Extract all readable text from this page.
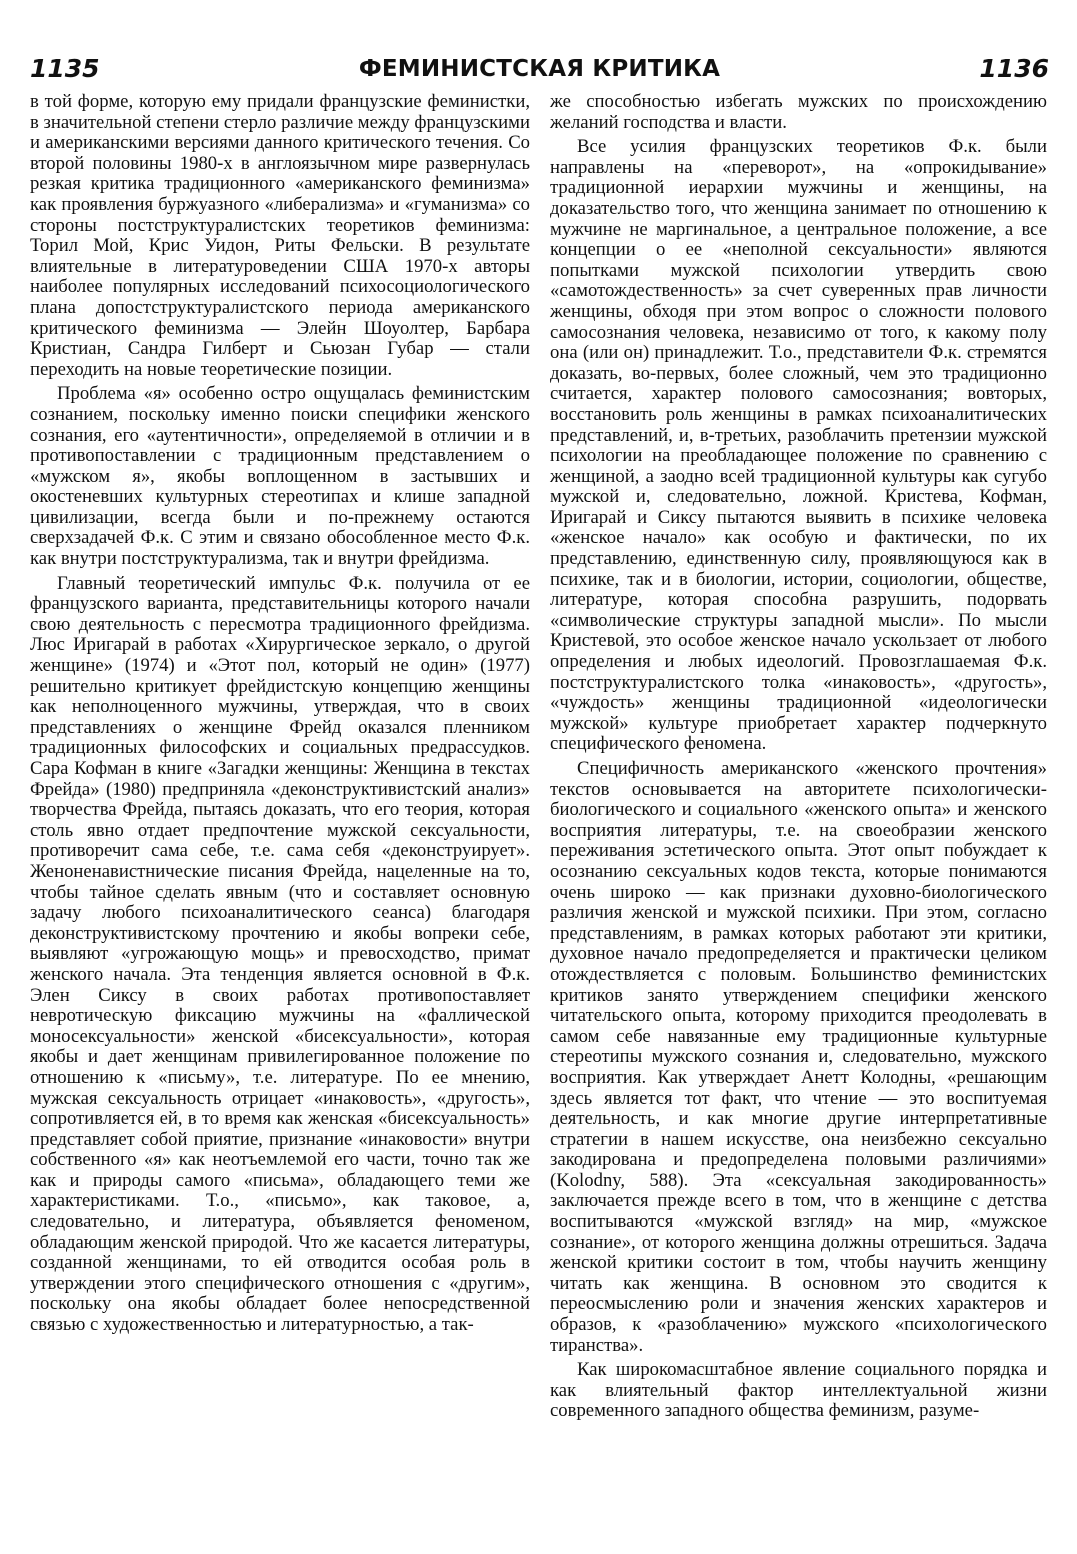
1135	ФЕМИНИСТСКАЯ КРИТИКА	1136

в той форме, которую ему придали французские феминистки, в значительной степени стерло различие между французскими и американскими версиями данного критического течения. Со второй половины 1980-х в англоязычном мире развернулась резкая критика традиционного «американского феминизма» как проявления буржуазного «либерализма» и «гуманизма» со стороны постструктуралистских теоретиков феминизма: Торил Мой, Крис Уидон, Риты Фельски. В результате влиятельные в литературоведении США 1970-х авторы наиболее популярных исследований психосоциологического плана допостструктуралистского периода американского критического феминизма — Элейн Шоуолтер, Барбара Кристиан, Сандра Гилберт и Сьюзан Губар — стали переходить на новые теоретические позиции.

Проблема «я» особенно остро ощущалась феминистским сознанием, поскольку именно поиски специфики женского сознания, его «аутентичности», определяемой в отличии и в противопоставлении с традиционным представлением о «мужском я», якобы воплощенном в застывших и окостеневших культурных стереотипах и клише западной цивилизации, всегда были и по-прежнему остаются сверхзадачей Ф.к. С этим и связано обособленное место Ф.к. как внутри постструктурализма, так и внутри фрейдизма.

Главный теоретический импульс Ф.к. получила от ее французского варианта, представительницы которого начали свою деятельность с пересмотра традиционного фрейдизма. Люс Иригарай в работах «Хирургическое зеркало, о другой женщине» (1974) и «Этот пол, который не один» (1977) решительно критикует фрейдистскую концепцию женщины как неполноценного мужчины, утверждая, что в своих представлениях о женщине Фрейд оказался пленником традиционных философских и социальных предрассудков. Сара Кофман в книге «Загадки женщины: Женщина в текстах Фрейда» (1980) предприняла «деконструктивистский анализ» творчества Фрейда, пытаясь доказать, что его теория, которая столь явно отдает предпочтение мужской сексуальности, противоречит сама себе, т.е. сама себя «деконструирует». Женоненавистнические писания Фрейда, нацеленные на то, чтобы тайное сделать явным (что и составляет основную задачу любого психоаналитического сеанса) благодаря деконструктивистскому прочтению и якобы вопреки себе, выявляют «угрожающую мощь» и превосходство, примат женского начала. Эта тенденция является основной в Ф.к. Элен Сиксу в своих работах противопоставляет невротическую фиксацию мужчины на «фаллической моносексуальности» женской «бисексуальности», которая якобы и дает женщинам привилегированное положение по отношению к «письму», т.е. литературе. По ее мнению, мужская сексуальность отрицает «инаковость», «другость», сопротивляется ей, в то время как женская «бисексуальность» представляет собой приятие, признание «инаковости» внутри собственного «я» как неотъемлемой его части, точно так же как и природы самого «письма», обладающего теми же характеристиками. Т.о., «письмо», как таковое, а, следовательно, и литература, объявляется феноменом, обладающим женской природой. Что же касается литературы, созданной женщинами, то ей отводится особая роль в утверждении этого специфического отношения с «другим», поскольку она якобы обладает более непосредственной связью с художественностью и литературностью, а так-

же способностью избегать мужских по происхождению желаний господства и власти.

Все усилия французских теоретиков Ф.к. были направлены на «переворот», на «опрокидывание» традиционной иерархии мужчины и женщины, на доказательство того, что женщина занимает по отношению к мужчине не маргинальное, а центральное положение, а все концепции о ее «неполной сексуальности» являются попытками мужской психологии утвердить свою «самотождественность» за счет суверенных прав личности женщины, обходя при этом вопрос о сложности полового самосознания человека, независимо от того, к какому полу она (или он) принадлежит. Т.о., представители Ф.к. стремятся доказать, во-первых, более сложный, чем это традиционно считается, характер полового самосознания; вовторых, восстановить роль женщины в рамках психоаналитических представлений, и, в-третьих, разоблачить претензии мужской психологии на преобладающее положение по сравнению с женщиной, а заодно всей традиционной культуры как сугубо мужской и, следовательно, ложной. Кристева, Кофман, Иригарай и Сиксу пытаются выявить в психике человека «женское начало» как особую и фактически, по их представлению, единственную силу, проявляющуюся как в психике, так и в биологии, истории, социологии, обществе, литературе, которая способна разрушить, подорвать «символические структуры западной мысли». По мысли Кристевой, это особое женское начало ускользает от любого определения и любых идеологий. Провозглашаемая Ф.к. постструктуралистского толка «инаковость», «другость», «чуждость» женщины традиционной «идеологически мужской» культуре приобретает характер подчеркнуто специфического феномена.

Специфичность американского «женского прочтения» текстов основывается на авторитете психологически-биологического и социального «женского опыта» и женского восприятия литературы, т.е. на своеобразии женского переживания эстетического опыта. Этот опыт побуждает к осознанию сексуальных кодов текста, которые понимаются очень широко — как признаки духовно-биологического различия женской и мужской психики. При этом, согласно представлениям, в рамках которых работают эти критики, духовное начало предопределяется и практически целиком отождествляется с половым. Большинство феминистских критиков занято утверждением специфики женского читательского опыта, которому приходится преодолевать в самом себе навязанные ему традиционные культурные стереотипы мужского сознания и, следовательно, мужского восприятия. Как утверждает Анетт Колодны, «решающим здесь является тот факт, что чтение — это воспитуемая деятельность, и как многие другие интерпретативные стратегии в нашем искусстве, она неизбежно сексуально закодирована и предопределена половыми различиями» (Kolodny, 588). Эта «сексуальная закодированность» заключается прежде всего в том, что в женщине с детства воспитываются «мужской взгляд» на мир, «мужское сознание», от которого женщина должны отрешиться. Задача женской критики состоит в том, чтобы научить женщину читать как женщина. В основном это сводится к переосмыслению роли и значения женских характеров и образов, к «разоблачению» мужского «психологического тиранства».

Как широкомасштабное явление социального порядка и как влиятельный фактор интеллектуальной жизни современного западного общества феминизм, разуме-
